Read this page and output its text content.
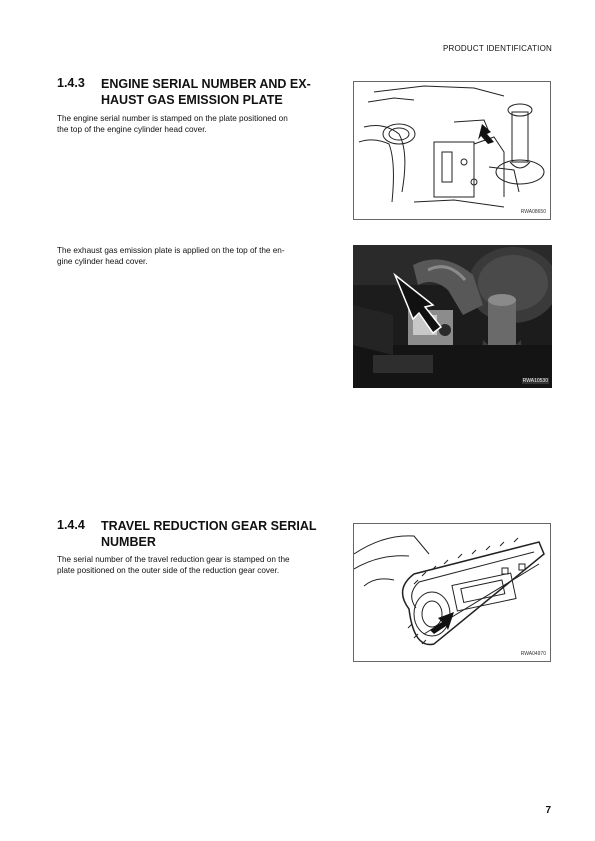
PRODUCT IDENTIFICATION
1.4.3 ENGINE SERIAL NUMBER AND EX-
HAUST GAS EMISSION PLATE
The engine serial number is stamped on the plate positioned on
the top of the engine cylinder head cover.
RWA08650
The exhaust gas emission plate is applied on the top of the en-
gine cylinder head cover.
RWA10530
1.4.4 TRAVEL REDUCTION GEAR SERIAL
NUMBER
The serial number of the travel reduction gear is stamped on the
plate positioned on the outer side of the reduction gear cover.
RWA04970
7
